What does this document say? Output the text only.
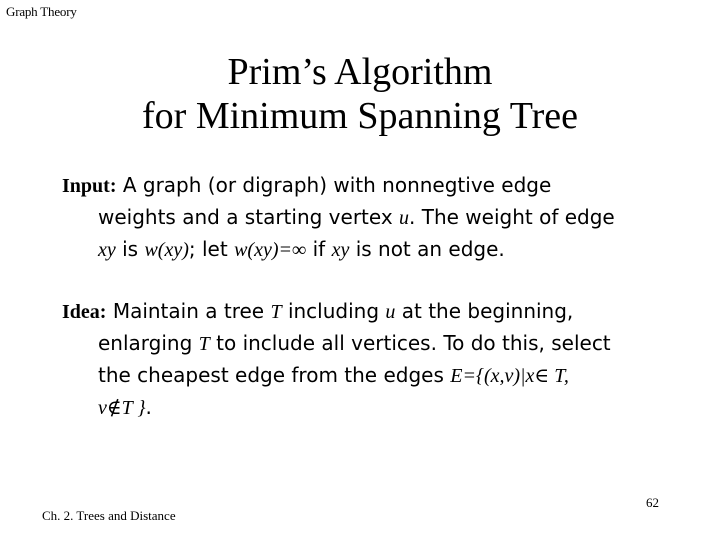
Graph Theory
Prim’s Algorithm
for Minimum Spanning Tree
Input: A graph (or digraph) with nonnegtive edge
weights and a starting vertex u. The weight of edge
xy is w(xy); let w(xy)=∞ if xy is not an edge.
Idea: Maintain a tree T including u at the beginning,
enlarging T to include all vertices. To do this, select
the cheapest edge from the edges E={(x,v)|x∈ T,
v∉T }.
Ch. 2. Trees and Distance
62
